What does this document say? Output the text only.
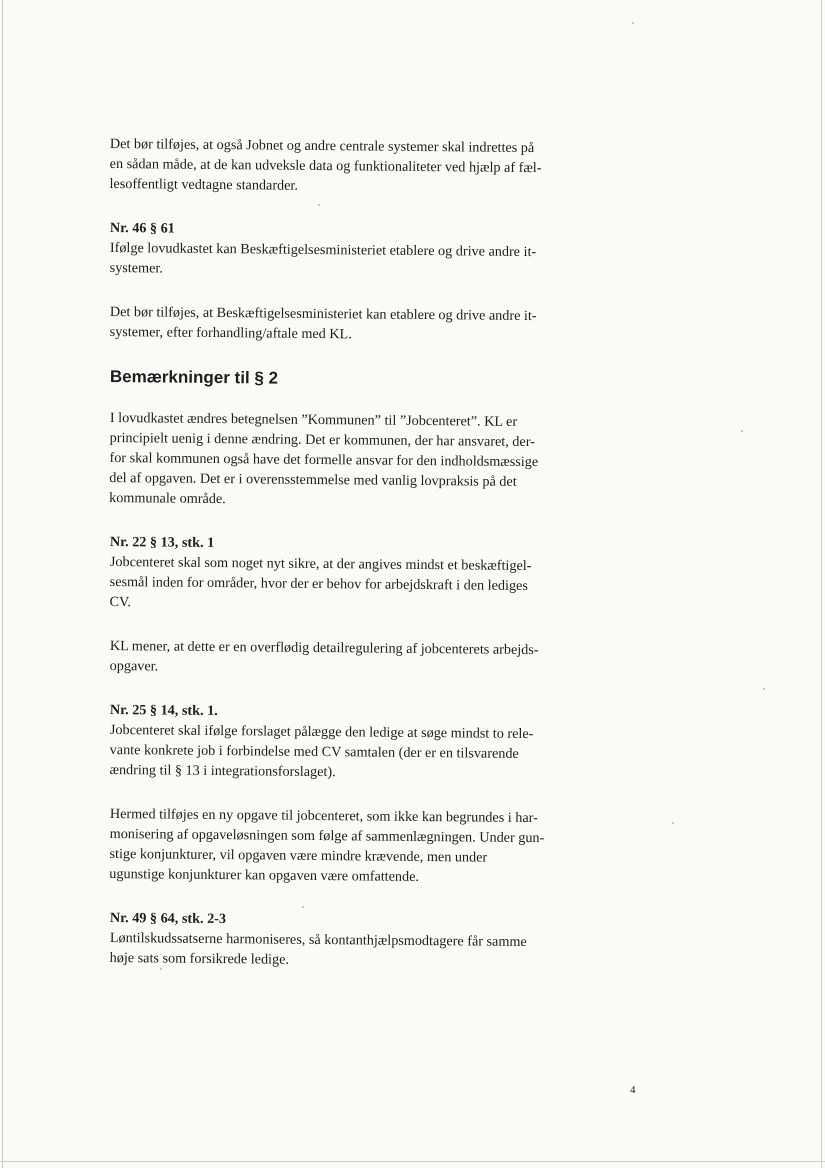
Det bør tilføjes, at også Jobnet og andre centrale systemer skal indrettes på
en sådan måde, at de kan udveksle data og funktionaliteter ved hjælp af fæl-
lesoffentligt vedtagne standarder.

Nr. 46 § 61

Ifølge lovudkastet kan Beskæftigelsesministeriet etablere og drive andre it-
systemer.

Det bør tilføjes, at Beskæftigelsesministeriet kan etablere og drive andre it-
systemer, efter forhandling/aftale med KL.

Bemærkninger til § 2

I lovudkastet ændres betegnelsen ”Kommunen” til ”Jobcenteret”. KL er
principielt uenig i denne ændring. Det er kommunen, der har ansvaret, der-
for skal kommunen også have det formelle ansvar for den indholdsmæssige
del af opgaven. Det er i overensstemmelse med vanlig lovpraksis på det
kommunale område.

Nr. 22 § 13, stk. 1

Jobcenteret skal som noget nyt sikre, at der angives mindst et beskæftigel-
sesmål inden for områder, hvor der er behov for arbejdskraft i den lediges
CV.

KL mener, at dette er en overflødig detailregulering af jobcenterets arbejds-
opgaver.

Nr. 25 § 14, stk. 1.

Jobcenteret skal ifølge forslaget pålægge den ledige at søge mindst to rele-
vante konkrete job i forbindelse med CV samtalen (der er en tilsvarende
ændring til § 13 i integrationsforslaget).

Hermed tilføjes en ny opgave til jobcenteret, som ikke kan begrundes i har-
monisering af opgaveløsningen som følge af sammenlægningen. Under gun-
stige konjunkturer, vil opgaven være mindre krævende, men under
ugunstige konjunkturer kan opgaven være omfattende.

Nr. 49 § 64, stk. 2-3

Løntilskudssatserne harmoniseres, så kontanthjælpsmodtagere får samme
høje sats som forsikrede ledige.

4
